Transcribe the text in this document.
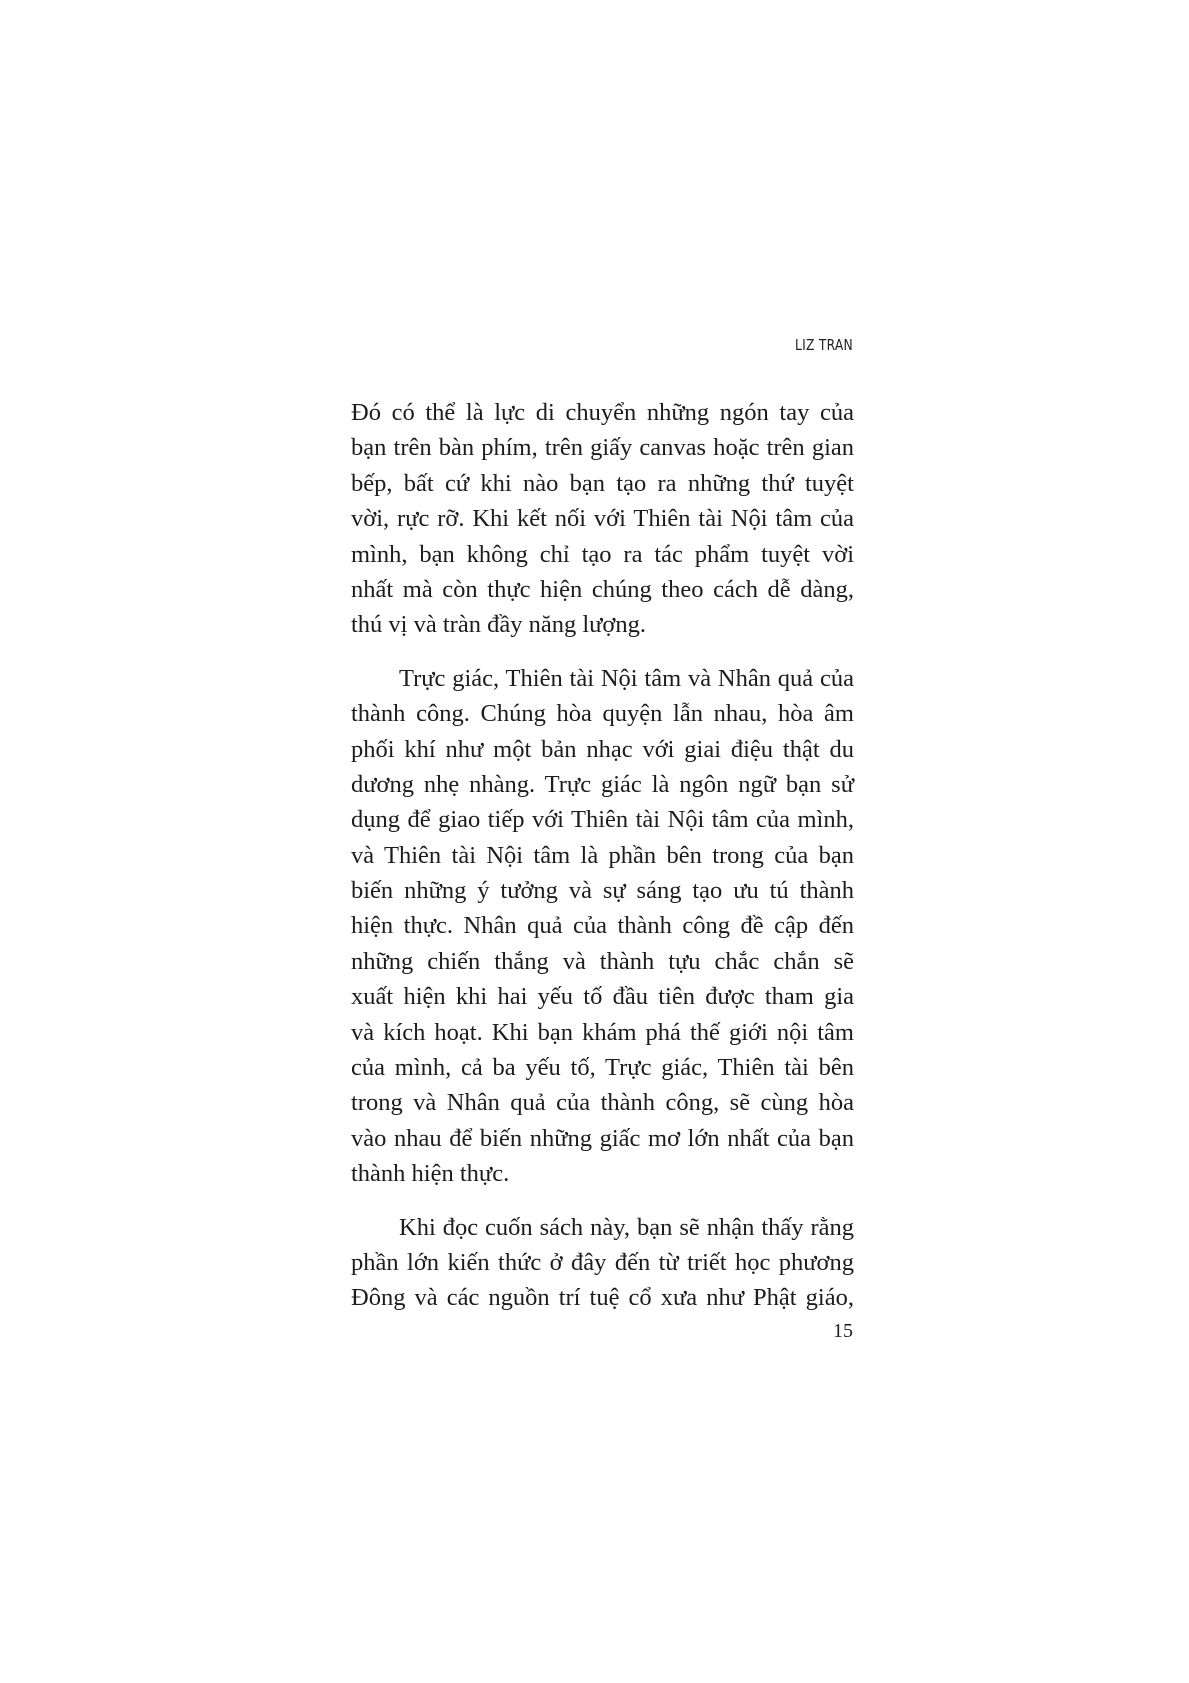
LIZ TRAN
Đó có thể là lực di chuyển những ngón tay của
bạn trên bàn phím, trên giấy canvas hoặc trên gian
bếp, bất cứ khi nào bạn tạo ra những thứ tuyệt
vời, rực rỡ. Khi kết nối với Thiên tài Nội tâm của
mình, bạn không chỉ tạo ra tác phẩm tuyệt vời
nhất mà còn thực hiện chúng theo cách dễ dàng,
thú vị và tràn đầy năng lượng.
Trực giác, Thiên tài Nội tâm và Nhân quả của
thành công. Chúng hòa quyện lẫn nhau, hòa âm
phối khí như một bản nhạc với giai điệu thật du
dương nhẹ nhàng. Trực giác là ngôn ngữ bạn sử
dụng để giao tiếp với Thiên tài Nội tâm của mình,
và Thiên tài Nội tâm là phần bên trong của bạn
biến những ý tưởng và sự sáng tạo ưu tú thành
hiện thực. Nhân quả của thành công đề cập đến
những chiến thắng và thành tựu chắc chắn sẽ
xuất hiện khi hai yếu tố đầu tiên được tham gia
và kích hoạt. Khi bạn khám phá thế giới nội tâm
của mình, cả ba yếu tố, Trực giác, Thiên tài bên
trong và Nhân quả của thành công, sẽ cùng hòa
vào nhau để biến những giấc mơ lớn nhất của bạn
thành hiện thực.
Khi đọc cuốn sách này, bạn sẽ nhận thấy rằng
phần lớn kiến thức ở đây đến từ triết học phương
Đông và các nguồn trí tuệ cổ xưa như Phật giáo,
15
